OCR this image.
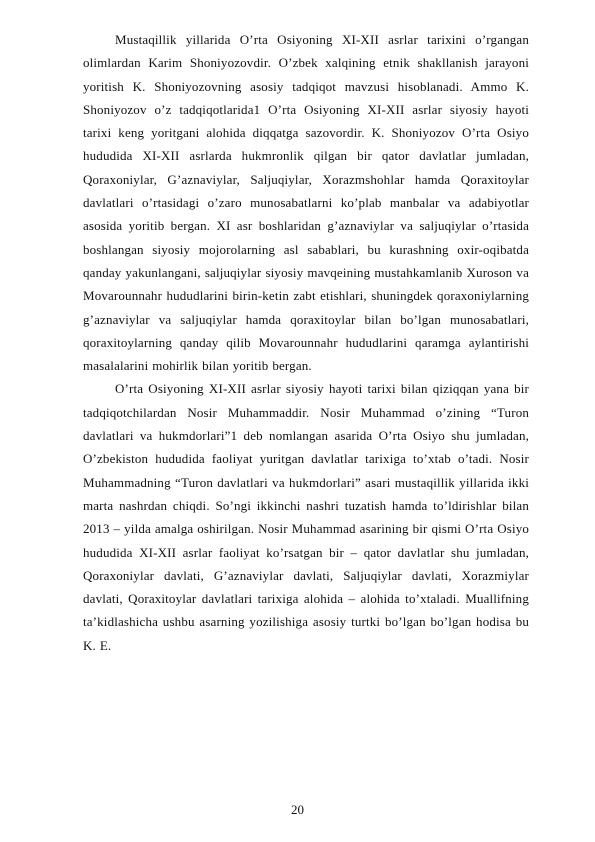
Mustaqillik yillarida O’rta Osiyoning XI-XII asrlar tarixini o’rgangan olimlardan Karim Shoniyozovdir. O’zbek xalqining etnik shakllanish jarayoni yoritish K. Shoniyozovning asosiy tadqiqot mavzusi hisoblanadi. Ammo K. Shoniyozov o’z tadqiqotlarida1 O’rta Osiyoning XI-XII asrlar siyosiy hayoti tarixi keng yoritgani alohida diqqatga sazovordir. K. Shoniyozov O’rta Osiyo hududida XI-XII asrlarda hukmronlik qilgan bir qator davlatlar jumladan, Qoraxoniylar, G’aznaviylar, Saljuqiylar, Xorazmshohlar hamda Qoraxitoylar davlatlari o’rtasidagi o’zaro munosabatlarni ko’plab manbalar va adabiyotlar asosida yoritib bergan. XI asr boshlaridan g’aznaviylar va saljuqiylar o’rtasida boshlangan siyosiy mojorolarning asl sabablari, bu kurashning oxir-oqibatda qanday yakunlangani, saljuqiylar siyosiy mavqeining mustahkamlanib Xuroson va Movarounnahr hududlarini birin-ketin zabt etishlari, shuningdek qoraxoniylarning g’aznaviylar va saljuqiylar hamda qoraxitoylar bilan bo’lgan munosabatlari, qoraxitoylarning qanday qilib Movarounnahr hududlarini qaramga aylantirishi masalalarini mohirlik bilan yoritib bergan.

O’rta Osiyoning XI-XII asrlar siyosiy hayoti tarixi bilan qiziqqan yana bir tadqiqotchilardan Nosir Muhammaddir. Nosir Muhammad o’zining “Turon davlatlari va hukmdorlari”1 deb nomlangan asarida O’rta Osiyo shu jumladan, O’zbekiston hududida faoliyat yuritgan davlatlar tarixiga to’xtab o’tadi. Nosir Muhammadning “Turon davlatlari va hukmdorlari” asari mustaqillik yillarida ikki marta nashrdan chiqdi. So’ngi ikkinchi nashri tuzatish hamda to’ldirishlar bilan 2013 – yilda amalga oshirilgan. Nosir Muhammad asarining bir qismi O’rta Osiyo hududida XI-XII asrlar faoliyat ko’rsatgan bir – qator davlatlar shu jumladan, Qoraxoniylar davlati, G’aznaviylar davlati, Saljuqiylar davlati, Xorazmiylar davlati, Qoraxitoylar davlatlari tarixiga alohida – alohida to’xtaladi. Muallifning ta’kidlashicha ushbu asarning yozilishiga asosiy turtki bo’lgan bo’lgan hodisa bu K. E.

20
